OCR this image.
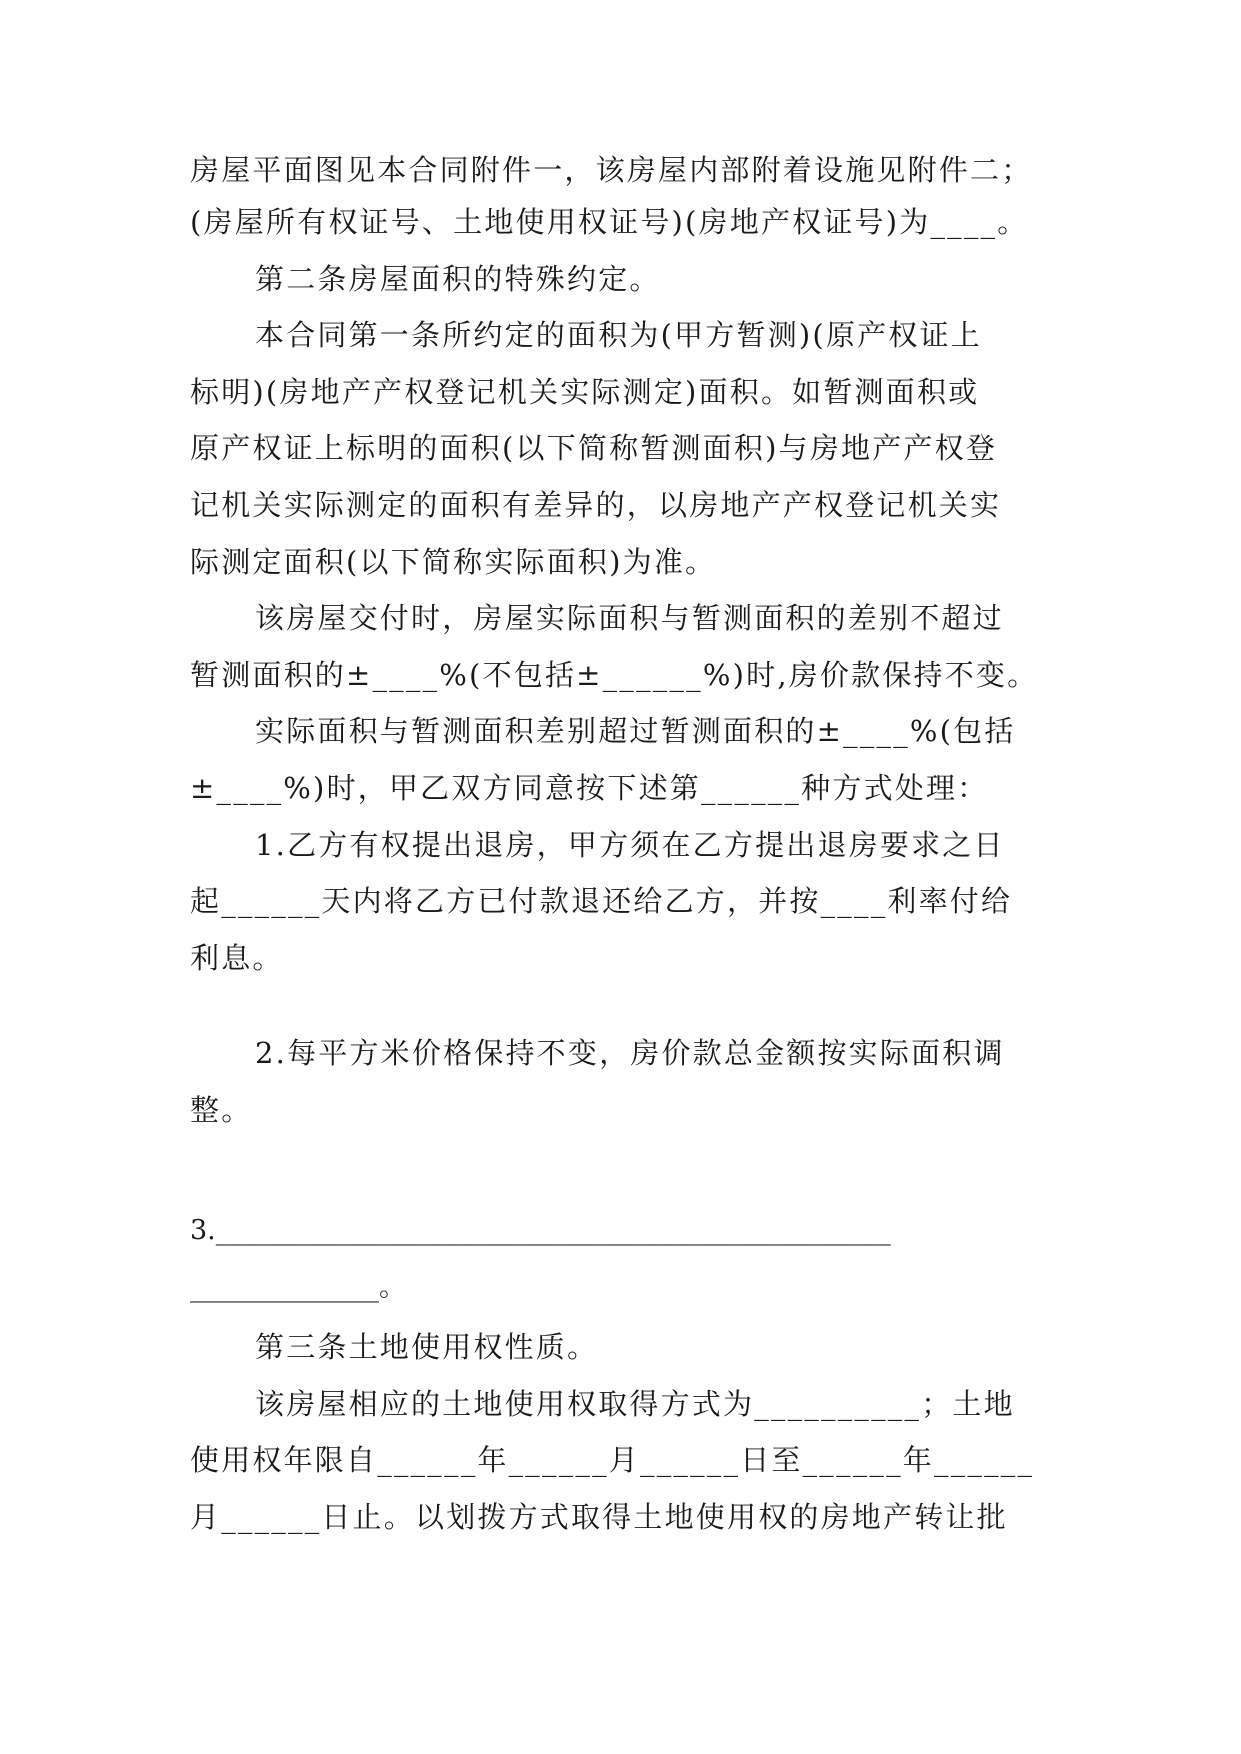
房屋平面图见本合同附件一，该房屋内部附着设施见附件二；
(房屋所有权证号、土地使用权证号)(房地产权证号)为____。
第二条房屋面积的特殊约定。
本合同第一条所约定的面积为(甲方暂测)(原产权证上
标明)(房地产产权登记机关实际测定)面积。如暂测面积或
原产权证上标明的面积(以下简称暂测面积)与房地产产权登
记机关实际测定的面积有差异的，以房地产产权登记机关实
际测定面积(以下简称实际面积)为准。
该房屋交付时，房屋实际面积与暂测面积的差别不超过
暂测面积的±____%(不包括±______%)时,房价款保持不变。
实际面积与暂测面积差别超过暂测面积的±____%(包括
±____%)时，甲乙双方同意按下述第______种方式处理：
1.乙方有权提出退房，甲方须在乙方提出退房要求之日
起______天内将乙方已付款退还给乙方，并按____利率付给
利息。
2.每平方米价格保持不变，房价款总金额按实际面积调
整。
3.__________________________________________________
______________。
第三条土地使用权性质。
该房屋相应的土地使用权取得方式为__________；土地
使用权年限自______年______月______日至______年______
月______日止。以划拨方式取得土地使用权的房地产转让批
